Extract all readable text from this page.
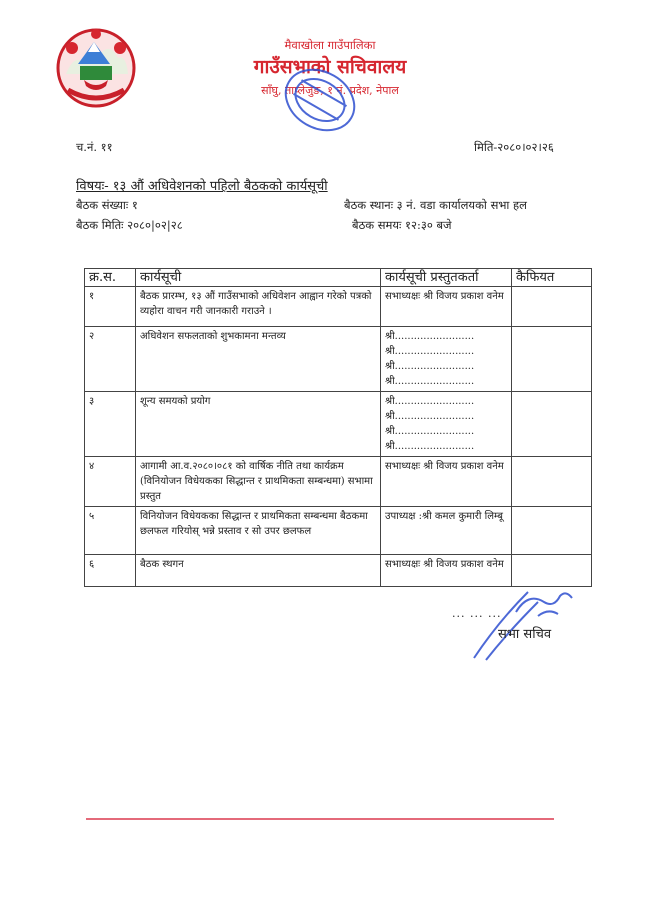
मैवाखोला गाउँपालिका
गाउँसभाको सचिवालय
साँघु, ताप्लेजुङ, १ नं. प्रदेश, नेपाल
च.नं. ११	मिति-२०८०।०२।२६
विषयः- १३ औं अधिवेशनको पहिलो बैठकको कार्यसूची
बैठक संख्याः १	बैठक स्थानः ३ नं. वडा कार्यालयको सभा हल
बैठक मितिः २०८०|०२|२८	बैठक समयः १२:३० बजे
क्र.स.	कार्यसूची	कार्यसूची प्रस्तुतकर्ता	कैफियत
१	बैठक प्रारम्भ, १३ औं गाउँसभाको अधिवेशन आह्वान गरेको पत्रको व्यहोरा वाचन गरी जानकारी गराउने ।	सभाध्यक्षः श्री विजय प्रकाश वनेम	

२	अधिवेशन सफलताको शुभकामना मन्तव्य	श्री.........................
श्री.........................
श्री.........................
श्री.........................	

३	शून्य समयको प्रयोग	श्री.........................
श्री.........................
श्री.........................
श्री.........................	

४	आगामी आ.व.२०८०।०८१ को वार्षिक नीति तथा कार्यक्रम (विनियोजन विधेयकका सिद्धान्त र प्राथमिकता सम्बन्धमा) सभामा प्रस्तुत	सभाध्यक्षः श्री विजय प्रकाश वनेम	

५	विनियोजन विधेयकका सिद्धान्त र प्राथमिकता सम्बन्धमा बैठकमा छलफल गरियोस् भन्ने प्रस्ताव र सो उपर छलफल	उपाध्यक्ष :श्री कमल कुमारी लिम्बू	

६	बैठक स्थगन	सभाध्यक्षः श्री विजय प्रकाश वनेम	

... ... ...
सभा सचिव
